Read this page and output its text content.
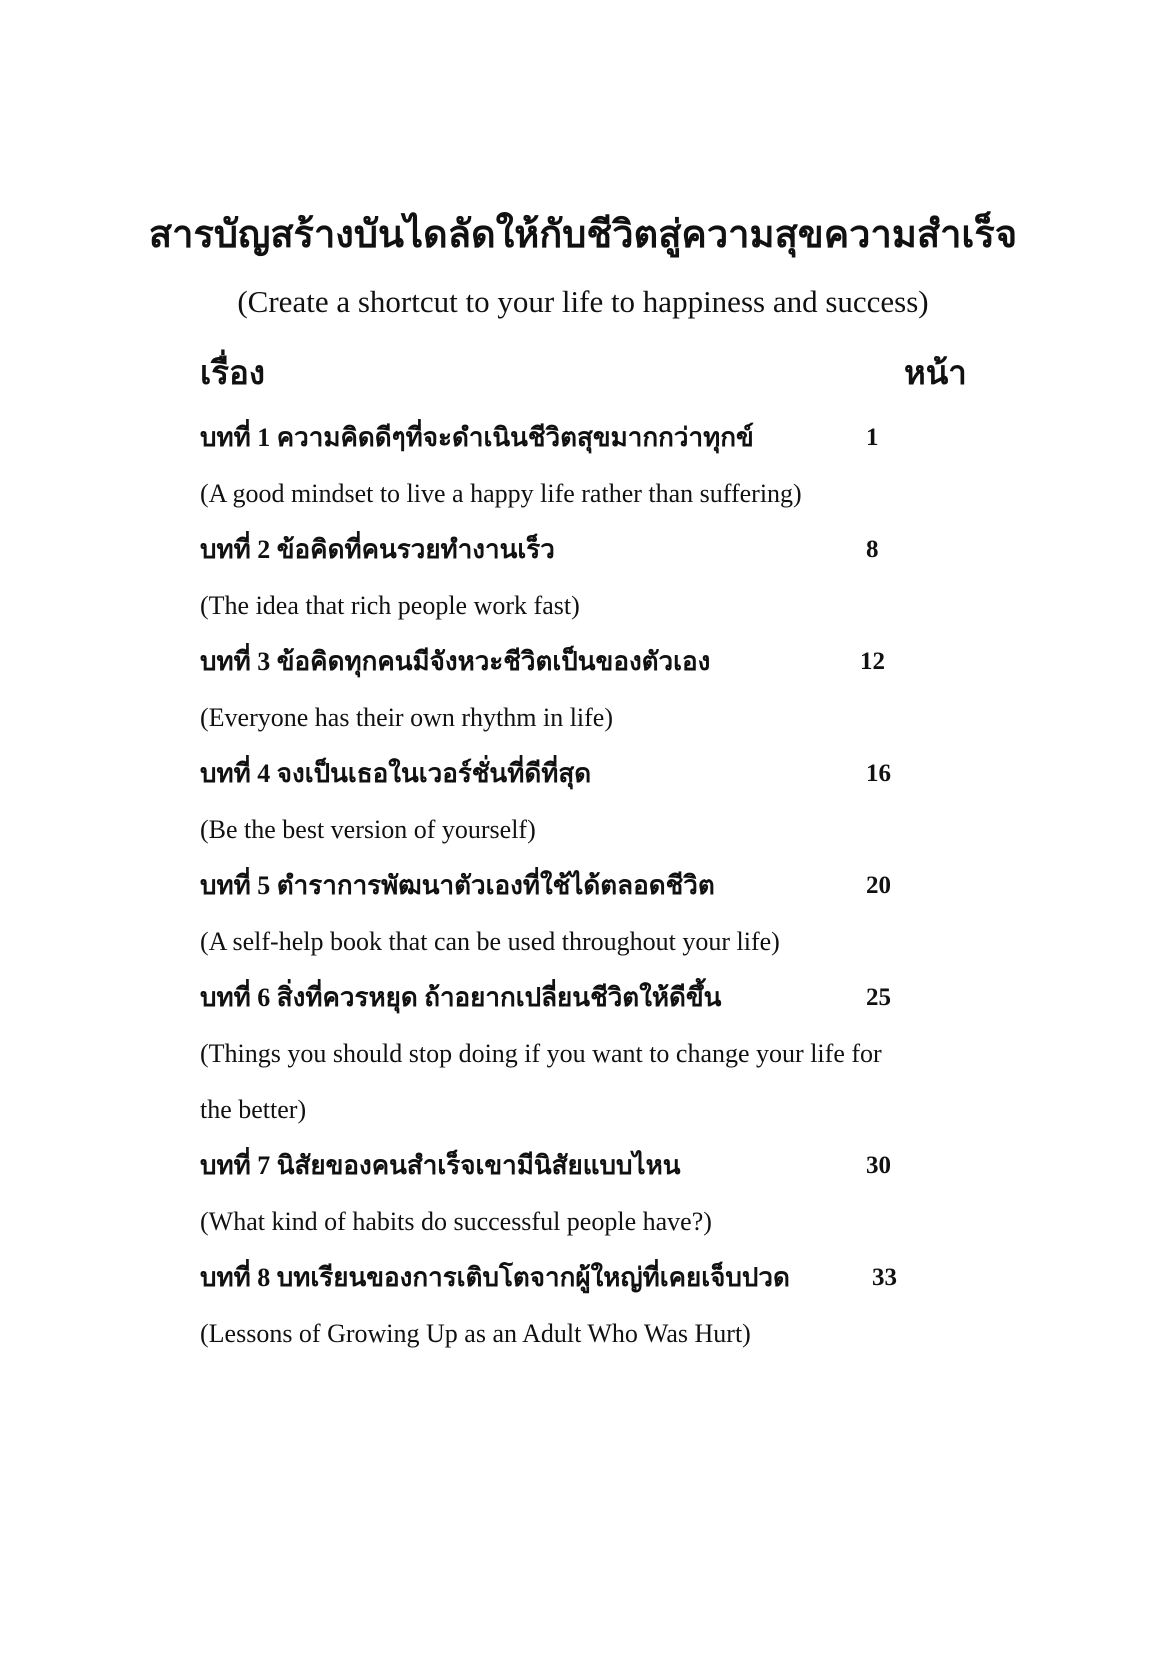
สารบัญสร้างบันไดลัดให้กับชีวิตสู่ความสุขความสำเร็จ
(Create a shortcut to your life to happiness and success)
เรื่อง	หน้า
บทที่ 1 ความคิดดีๆที่จะดำเนินชีวิตสุขมากกว่าทุกข์	1
(A good mindset to live a happy life rather than suffering)
บทที่ 2 ข้อคิดที่คนรวยทำงานเร็ว	8
(The idea that rich people work fast)
บทที่ 3 ข้อคิดทุกคนมีจังหวะชีวิตเป็นของตัวเอง	12
(Everyone has their own rhythm in life)
บทที่ 4 จงเป็นเธอในเวอร์ชั่นที่ดีที่สุด	16
(Be the best version of yourself)
บทที่ 5 ตำราการพัฒนาตัวเองที่ใช้ได้ตลอดชีวิต	20
(A self-help book that can be used throughout your life)
บทที่ 6 สิ่งที่ควรหยุด ถ้าอยากเปลี่ยนชีวิตให้ดีขึ้น	25
(Things you should stop doing if you want to change your life for the better)
บทที่ 7 นิสัยของคนสำเร็จเขามีนิสัยแบบไหน	30
(What kind of habits do successful people have?)
บทที่ 8 บทเรียนของการเติบโตจากผู้ใหญ่ที่เคยเจ็บปวด	33
(Lessons of Growing Up as an Adult Who Was Hurt)
